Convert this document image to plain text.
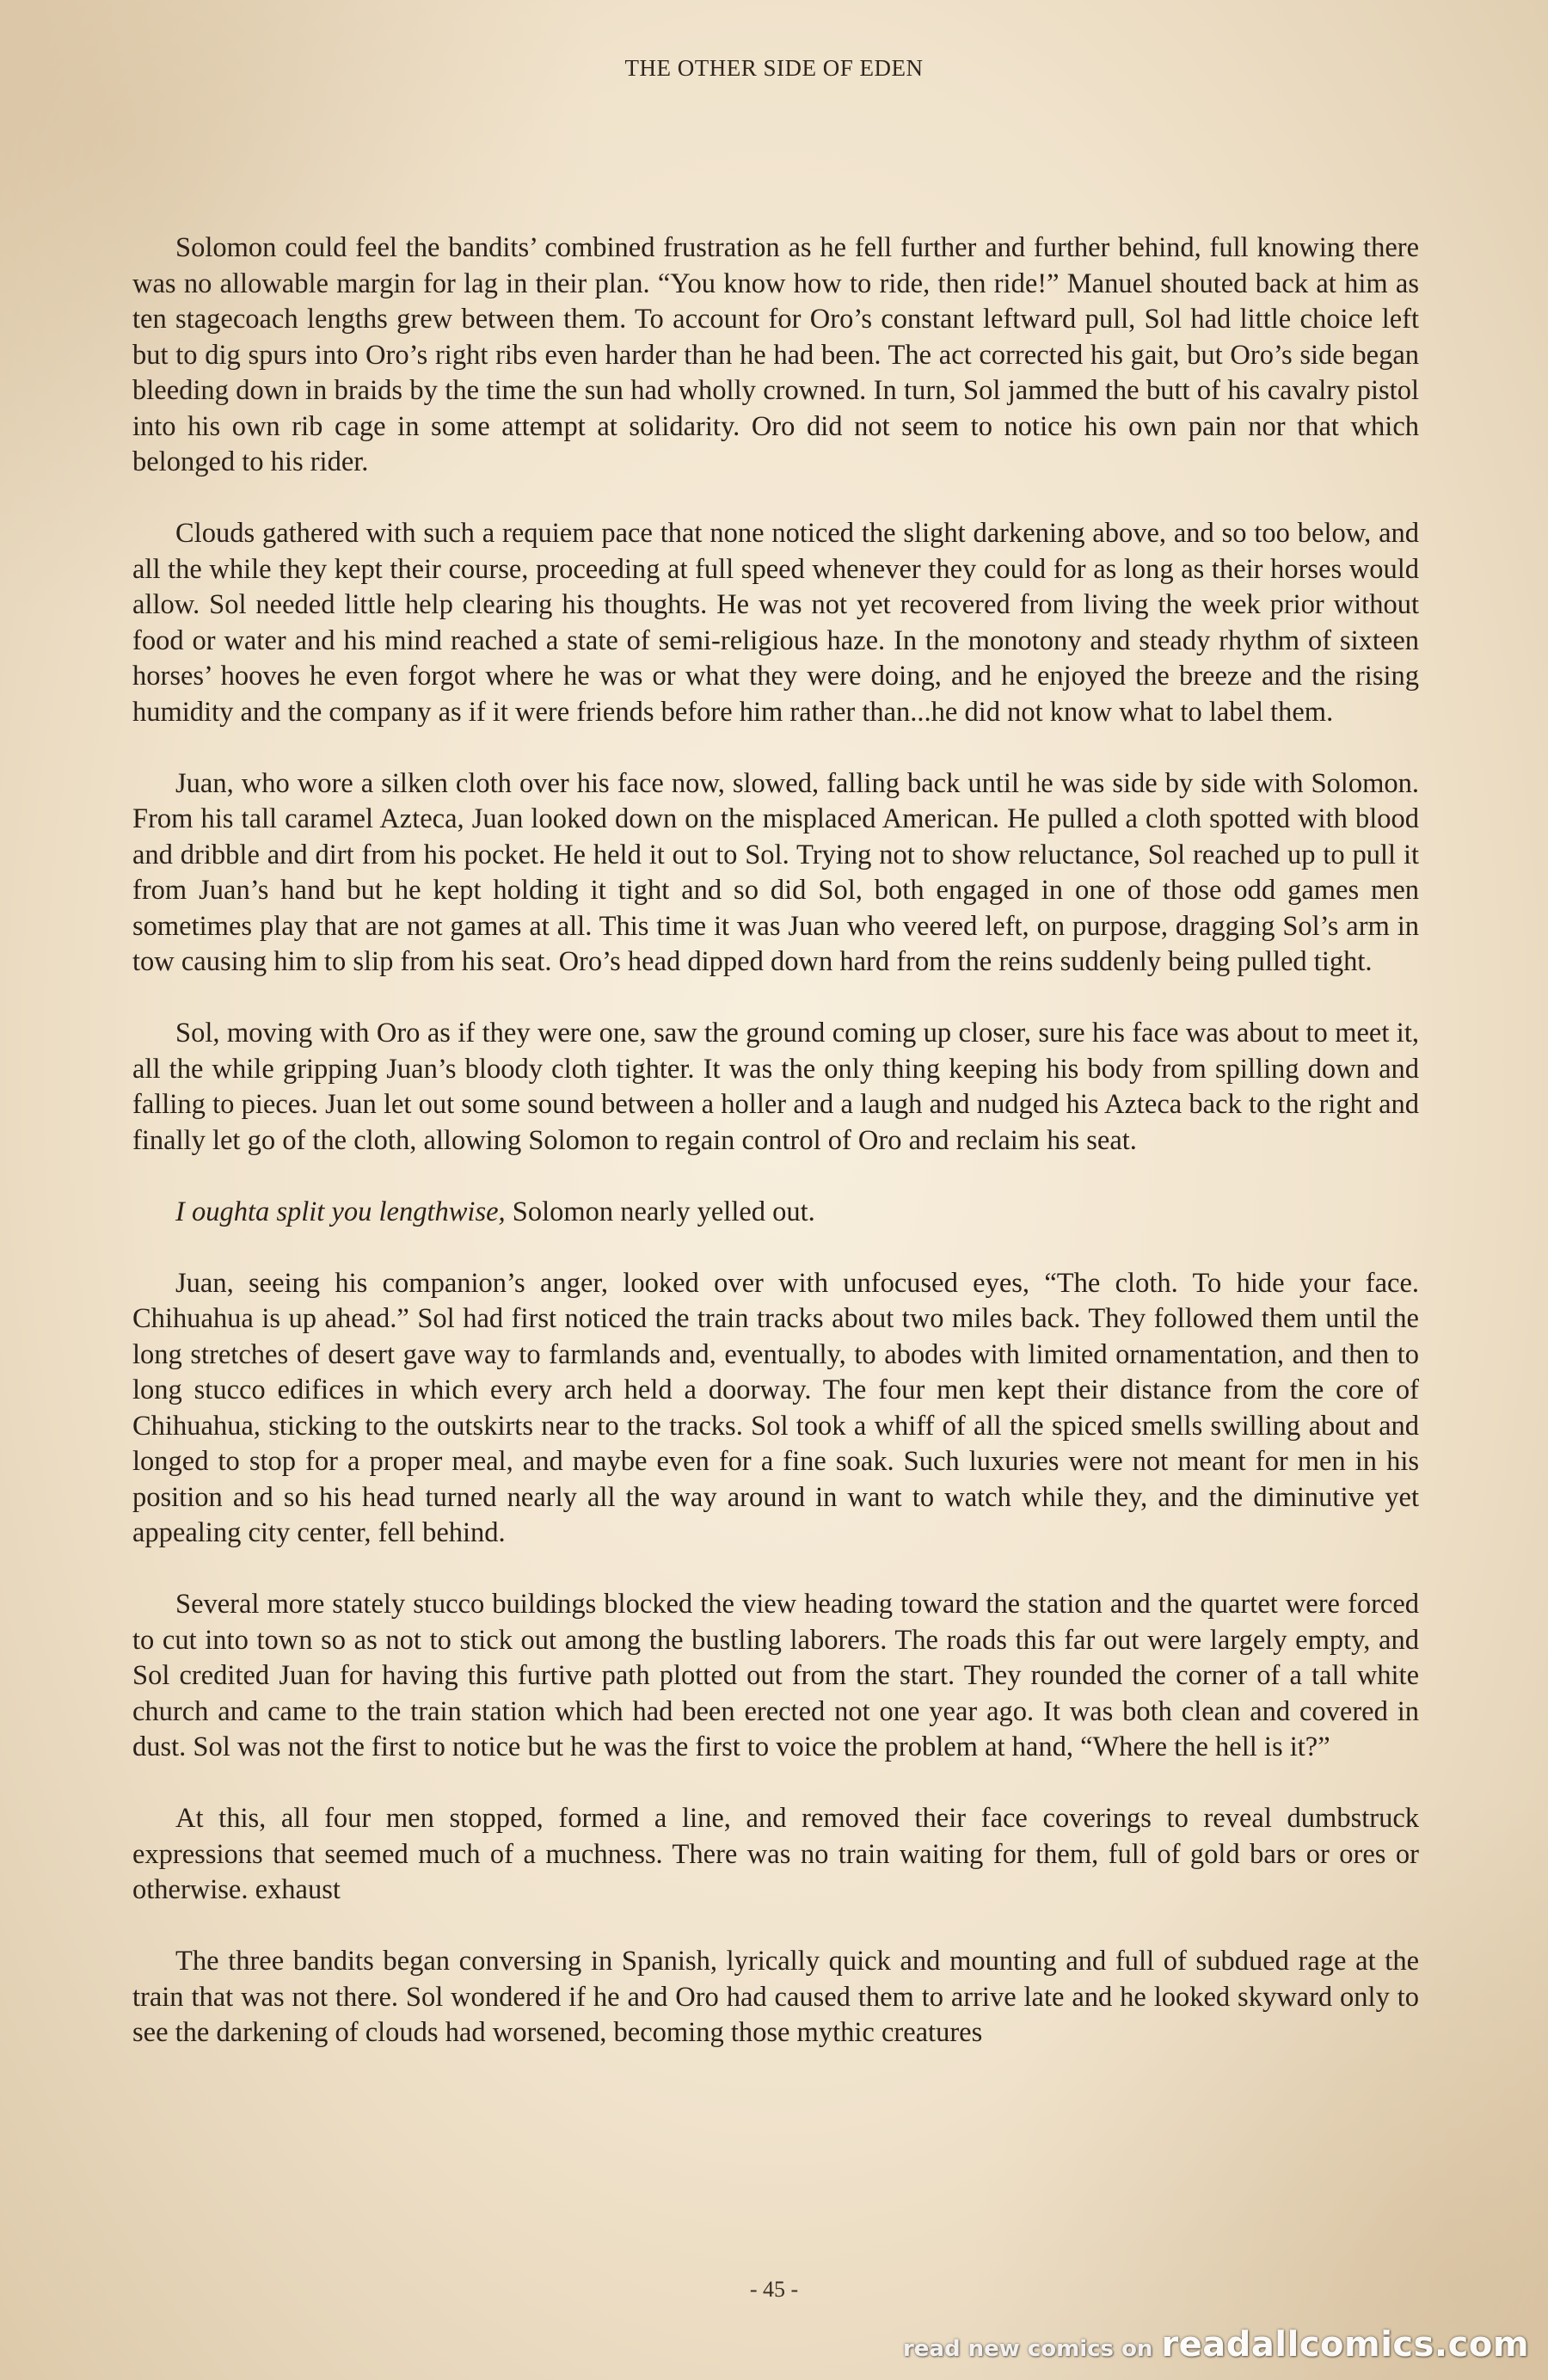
THE OTHER SIDE OF EDEN

Solomon could feel the bandits’ combined frustration as he fell further and further behind, full knowing there was no allowable margin for lag in their plan. “You know how to ride, then ride!” Manuel shouted back at him as ten stagecoach lengths grew between them. To account for Oro’s constant leftward pull, Sol had little choice left but to dig spurs into Oro’s right ribs even harder than he had been. The act corrected his gait, but Oro’s side began bleeding down in braids by the time the sun had wholly crowned. In turn, Sol jammed the butt of his cavalry pistol into his own rib cage in some attempt at solidarity. Oro did not seem to notice his own pain nor that which belonged to his rider.

Clouds gathered with such a requiem pace that none noticed the slight darkening above, and so too below, and all the while they kept their course, proceeding at full speed whenever they could for as long as their horses would allow. Sol needed little help clearing his thoughts. He was not yet recovered from living the week prior without food or water and his mind reached a state of semi-religious haze. In the monotony and steady rhythm of sixteen horses’ hooves he even forgot where he was or what they were doing, and he enjoyed the breeze and the rising humidity and the company as if it were friends before him rather than...he did not know what to label them.

Juan, who wore a silken cloth over his face now, slowed, falling back until he was side by side with Solomon. From his tall caramel Azteca, Juan looked down on the misplaced American. He pulled a cloth spotted with blood and dribble and dirt from his pocket. He held it out to Sol. Trying not to show reluctance, Sol reached up to pull it from Juan’s hand but he kept holding it tight and so did Sol, both engaged in one of those odd games men sometimes play that are not games at all. This time it was Juan who veered left, on purpose, dragging Sol’s arm in tow causing him to slip from his seat. Oro’s head dipped down hard from the reins suddenly being pulled tight.

Sol, moving with Oro as if they were one, saw the ground coming up closer, sure his face was about to meet it, all the while gripping Juan’s bloody cloth tighter. It was the only thing keeping his body from spilling down and falling to pieces. Juan let out some sound between a holler and a laugh and nudged his Azteca back to the right and finally let go of the cloth, allowing Solomon to regain control of Oro and reclaim his seat.

I oughta split you lengthwise, Solomon nearly yelled out.

Juan, seeing his companion’s anger, looked over with unfocused eyes, “The cloth. To hide your face. Chihuahua is up ahead.” Sol had first noticed the train tracks about two miles back. They followed them until the long stretches of desert gave way to farmlands and, eventually, to abodes with limited ornamentation, and then to long stucco edifices in which every arch held a doorway. The four men kept their distance from the core of Chihuahua, sticking to the outskirts near to the tracks. Sol took a whiff of all the spiced smells swilling about and longed to stop for a proper meal, and maybe even for a fine soak. Such luxuries were not meant for men in his position and so his head turned nearly all the way around in want to watch while they, and the diminutive yet appealing city center, fell behind.

Several more stately stucco buildings blocked the view heading toward the station and the quartet were forced to cut into town so as not to stick out among the bustling laborers. The roads this far out were largely empty, and Sol credited Juan for having this furtive path plotted out from the start. They rounded the corner of a tall white church and came to the train station which had been erected not one year ago. It was both clean and covered in dust. Sol was not the first to notice but he was the first to voice the problem at hand, “Where the hell is it?”

At this, all four men stopped, formed a line, and removed their face coverings to reveal dumbstruck expressions that seemed much of a muchness. There was no train waiting for them, full of gold bars or ores or otherwise. exhaust

The three bandits began conversing in Spanish, lyrically quick and mounting and full of subdued rage at the train that was not there. Sol wondered if he and Oro had caused them to arrive late and he looked skyward only to see the darkening of clouds had worsened, becoming those mythic creatures

- 45 -
read new comics on readallcomics.com
